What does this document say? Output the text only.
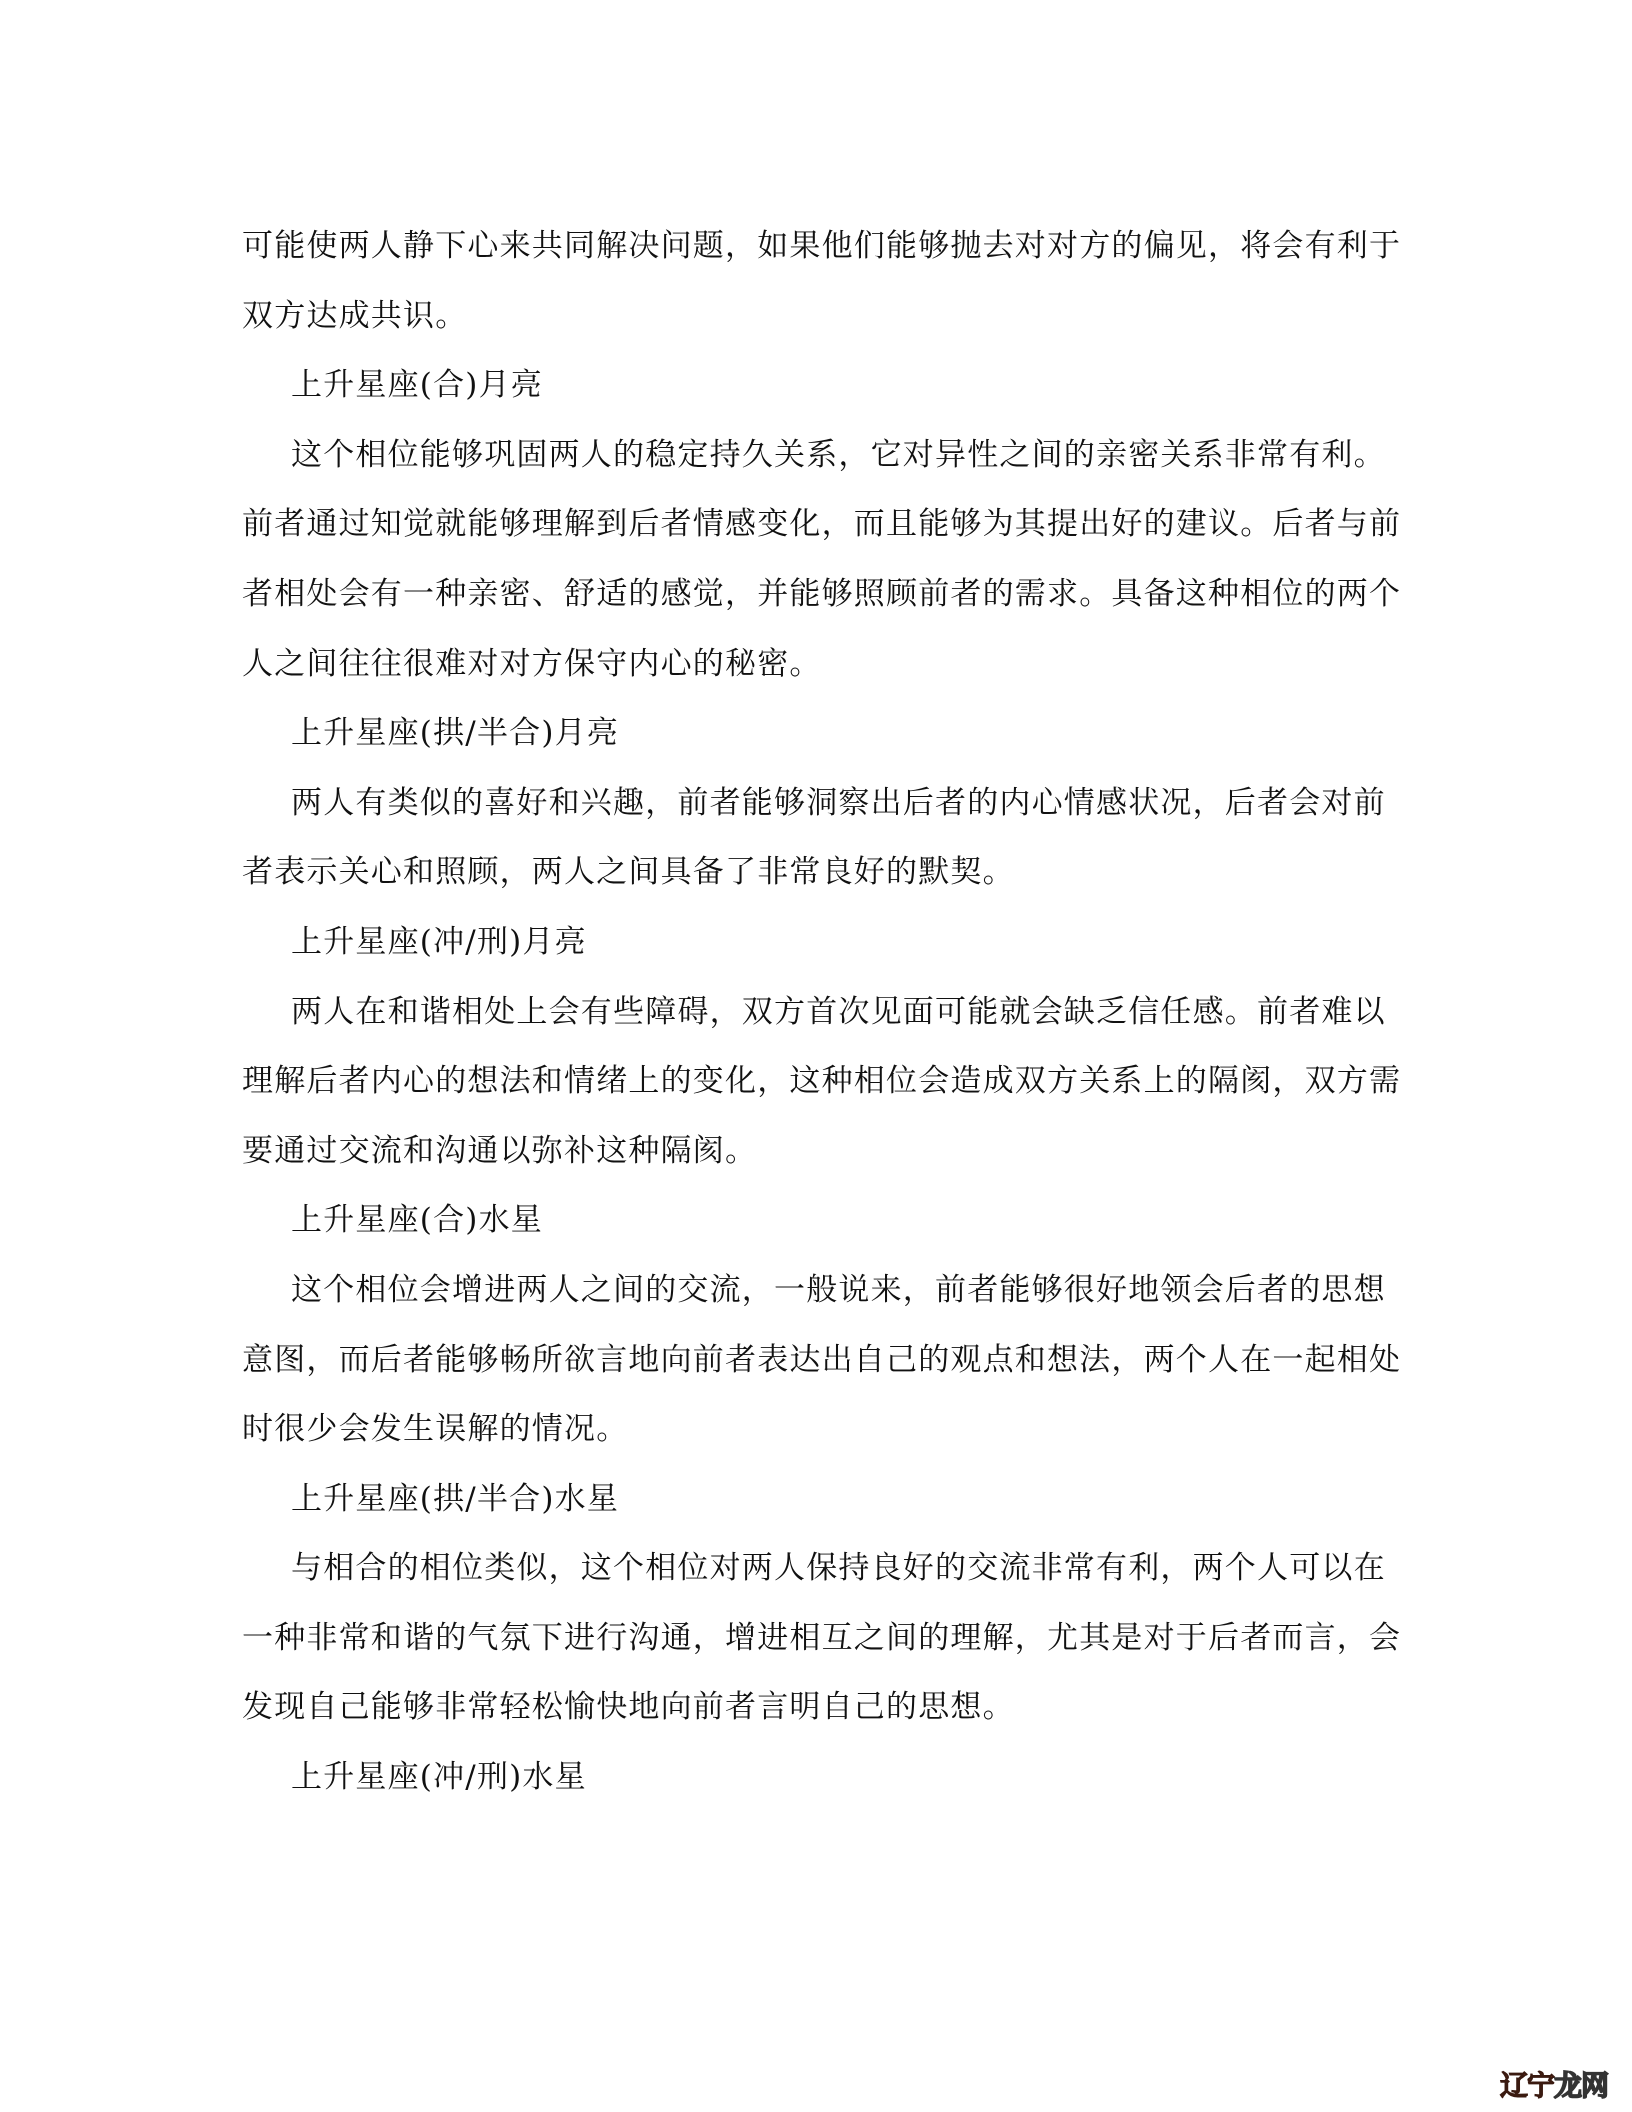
可能使两人静下心来共同解决问题，如果他们能够抛去对对方的偏见，将会有利于
双方达成共识。
上升星座(合)月亮
这个相位能够巩固两人的稳定持久关系，它对异性之间的亲密关系非常有利。
前者通过知觉就能够理解到后者情感变化，而且能够为其提出好的建议。后者与前
者相处会有一种亲密、舒适的感觉，并能够照顾前者的需求。具备这种相位的两个
人之间往往很难对对方保守内心的秘密。
上升星座(拱/半合)月亮
两人有类似的喜好和兴趣，前者能够洞察出后者的内心情感状况，后者会对前
者表示关心和照顾，两人之间具备了非常良好的默契。
上升星座(冲/刑)月亮
两人在和谐相处上会有些障碍，双方首次见面可能就会缺乏信任感。前者难以
理解后者内心的想法和情绪上的变化，这种相位会造成双方关系上的隔阂，双方需
要通过交流和沟通以弥补这种隔阂。
上升星座(合)水星
这个相位会增进两人之间的交流，一般说来，前者能够很好地领会后者的思想
意图，而后者能够畅所欲言地向前者表达出自己的观点和想法，两个人在一起相处
时很少会发生误解的情况。
上升星座(拱/半合)水星
与相合的相位类似，这个相位对两人保持良好的交流非常有利，两个人可以在
一种非常和谐的气氛下进行沟通，增进相互之间的理解，尤其是对于后者而言，会
发现自己能够非常轻松愉快地向前者言明自己的思想。
上升星座(冲/刑)水星
辽宁龙网
